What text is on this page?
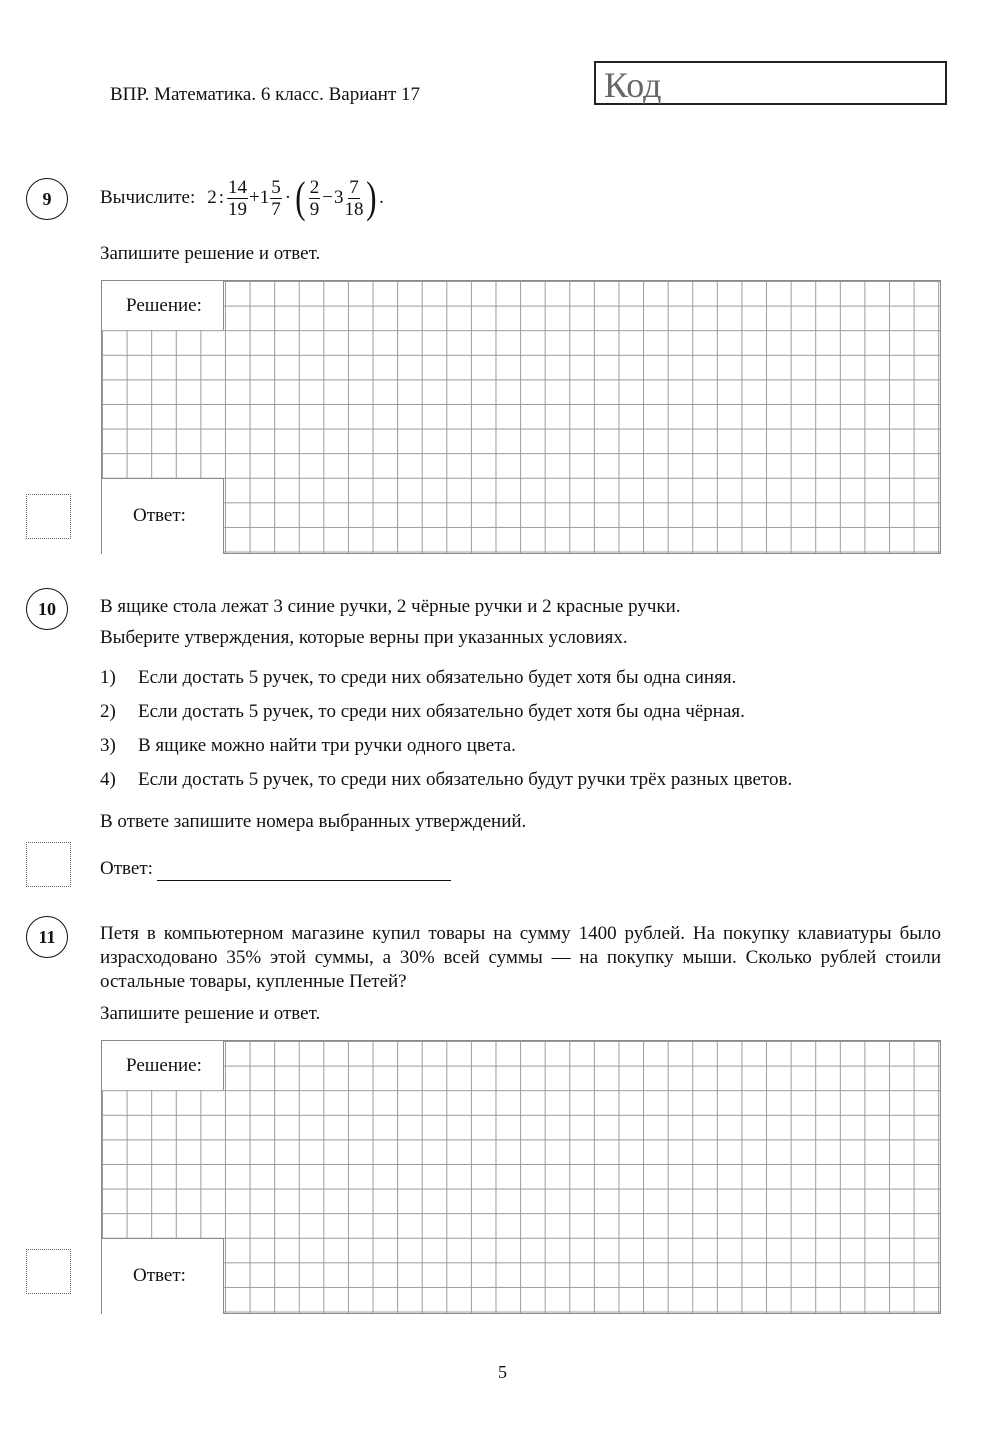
ВПР. Математика. 6 класс. Вариант 17	Код
9	Вычислите: 2 : $\frac{14}{19} + 1 \frac{5}{7}$ · ( $\frac{2}{9} - 3 \frac{7}{18}$ ) .
Запишите решение и ответ.
Решение:
Ответ:
10	В ящике стола лежат 3 синие ручки, 2 чёрные ручки и 2 красные ручки.
Выберите утверждения, которые верны при указанных условиях.
1)	Если достать 5 ручек, то среди них обязательно будет хотя бы одна синяя.
2)	Если достать 5 ручек, то среди них обязательно будет хотя бы одна чёрная.
3)	В ящике можно найти три ручки одного цвета.
4)	Если достать 5 ручек, то среди них обязательно будут ручки трёх разных цветов.
В ответе запишите номера выбранных утверждений.
Ответ:
11	Петя в компьютерном магазине купил товары на сумму 1400 рублей. На покупку клавиатуры было израсходовано 35% этой суммы, а 30% всей суммы — на покупку мыши. Сколько рублей стоили остальные товары, купленные Петей?
Запишите решение и ответ.
Решение:
Ответ:
5
